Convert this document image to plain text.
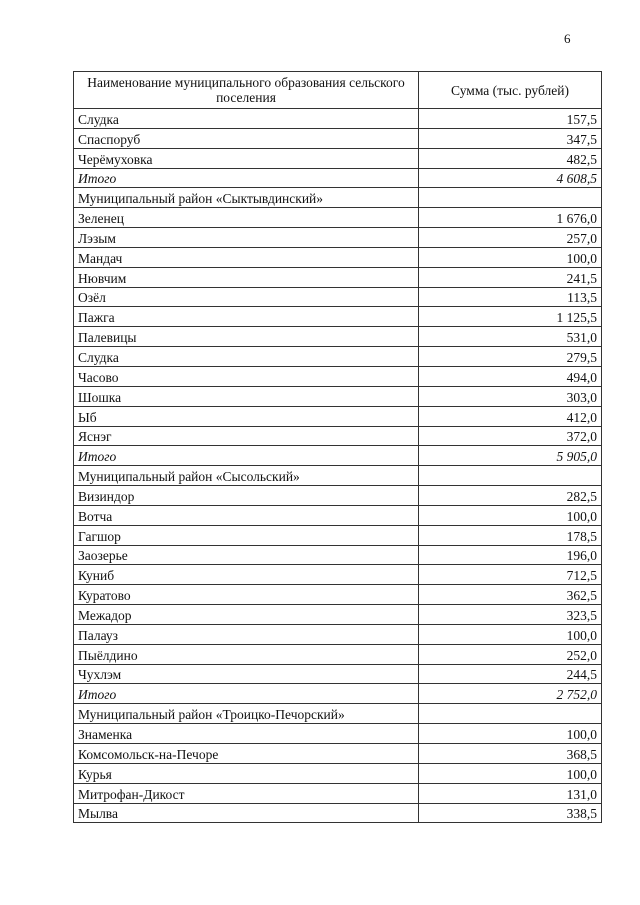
6
Наименование муниципального образования сельского поселения	Сумма (тыс. рублей)
Слудка	157,5
Спаспоруб	347,5
Черёмуховка	482,5
Итого	4 608,5
Муниципальный район «Сыктывдинский»	
Зеленец	1 676,0
Лэзым	257,0
Мандач	100,0
Нювчим	241,5
Озёл	113,5
Пажга	1 125,5
Палевицы	531,0
Слудка	279,5
Часово	494,0
Шошка	303,0
Ыб	412,0
Яснэг	372,0
Итого	5 905,0
Муниципальный район «Сысольский»	
Визиндор	282,5
Вотча	100,0
Гагшор	178,5
Заозерье	196,0
Куниб	712,5
Куратово	362,5
Межадор	323,5
Палауз	100,0
Пыёлдино	252,0
Чухлэм	244,5
Итого	2 752,0
Муниципальный район «Троицко-Печорский»	
Знаменка	100,0
Комсомольск-на-Печоре	368,5
Курья	100,0
Митрофан-Дикост	131,0
Мылва	338,5
